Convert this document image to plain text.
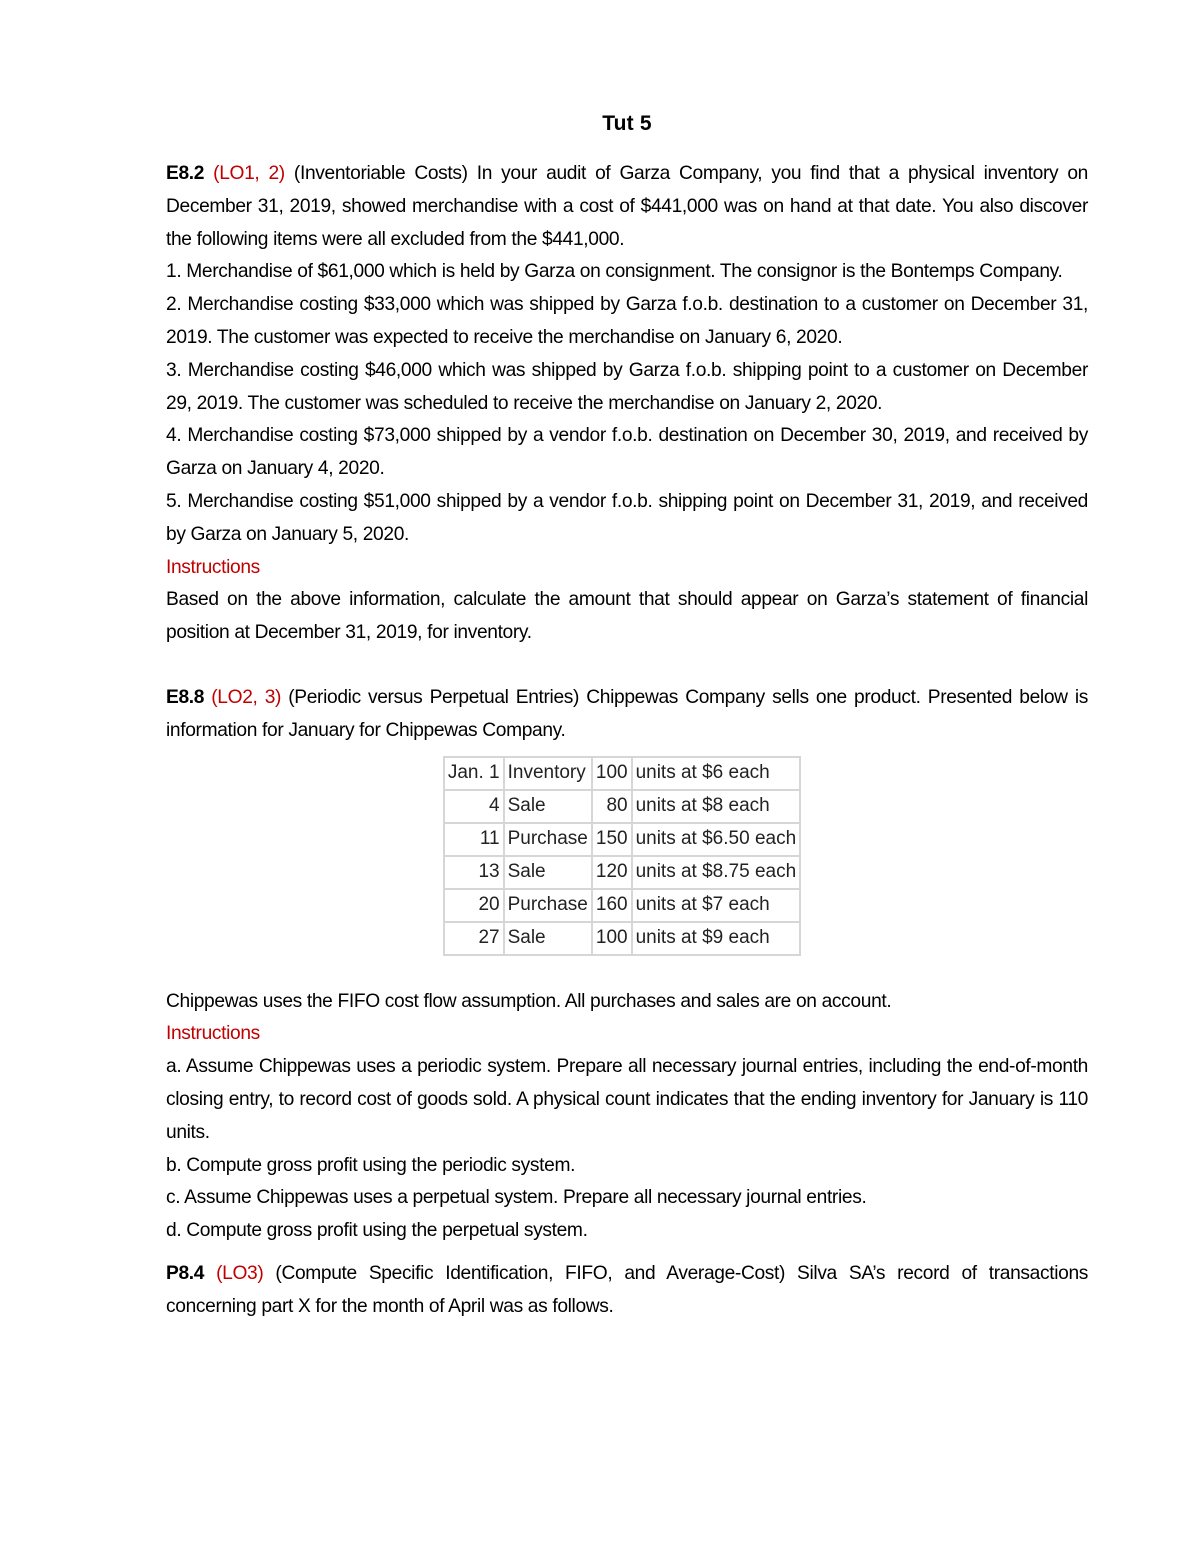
Tut 5

E8.2 (LO1, 2) (Inventoriable Costs) In your audit of Garza Company, you find that a physical inventory on December 31, 2019, showed merchandise with a cost of $441,000 was on hand at that date. You also discover the following items were all excluded from the $441,000.

1. Merchandise of $61,000 which is held by Garza on consignment. The consignor is the Bontemps Company.

2. Merchandise costing $33,000 which was shipped by Garza f.o.b. destination to a customer on December 31, 2019. The customer was expected to receive the merchandise on January 6, 2020.

3. Merchandise costing $46,000 which was shipped by Garza f.o.b. shipping point to a customer on December 29, 2019. The customer was scheduled to receive the merchandise on January 2, 2020.

4. Merchandise costing $73,000 shipped by a vendor f.o.b. destination on December 30, 2019, and received by Garza on January 4, 2020.

5. Merchandise costing $51,000 shipped by a vendor f.o.b. shipping point on December 31, 2019, and received by Garza on January 5, 2020.

Instructions

Based on the above information, calculate the amount that should appear on Garza’s statement of financial position at December 31, 2019, for inventory.

E8.8 (LO2, 3) (Periodic versus Perpetual Entries) Chippewas Company sells one product. Presented below is information for January for Chippewas Company.

Jan. 1	Inventory	100	units at $6 each
4	Sale	80	units at $8 each
11	Purchase	150	units at $6.50 each
13	Sale	120	units at $8.75 each
20	Purchase	160	units at $7 each
27	Sale	100	units at $9 each

Chippewas uses the FIFO cost flow assumption. All purchases and sales are on account.

Instructions

a. Assume Chippewas uses a periodic system. Prepare all necessary journal entries, including the end-of-month closing entry, to record cost of goods sold. A physical count indicates that the ending inventory for January is 110 units.

b. Compute gross profit using the periodic system.

c. Assume Chippewas uses a perpetual system. Prepare all necessary journal entries.

d. Compute gross profit using the perpetual system.

P8.4 (LO3) (Compute Specific Identification, FIFO, and Average-Cost) Silva SA’s record of transactions concerning part X for the month of April was as follows.
